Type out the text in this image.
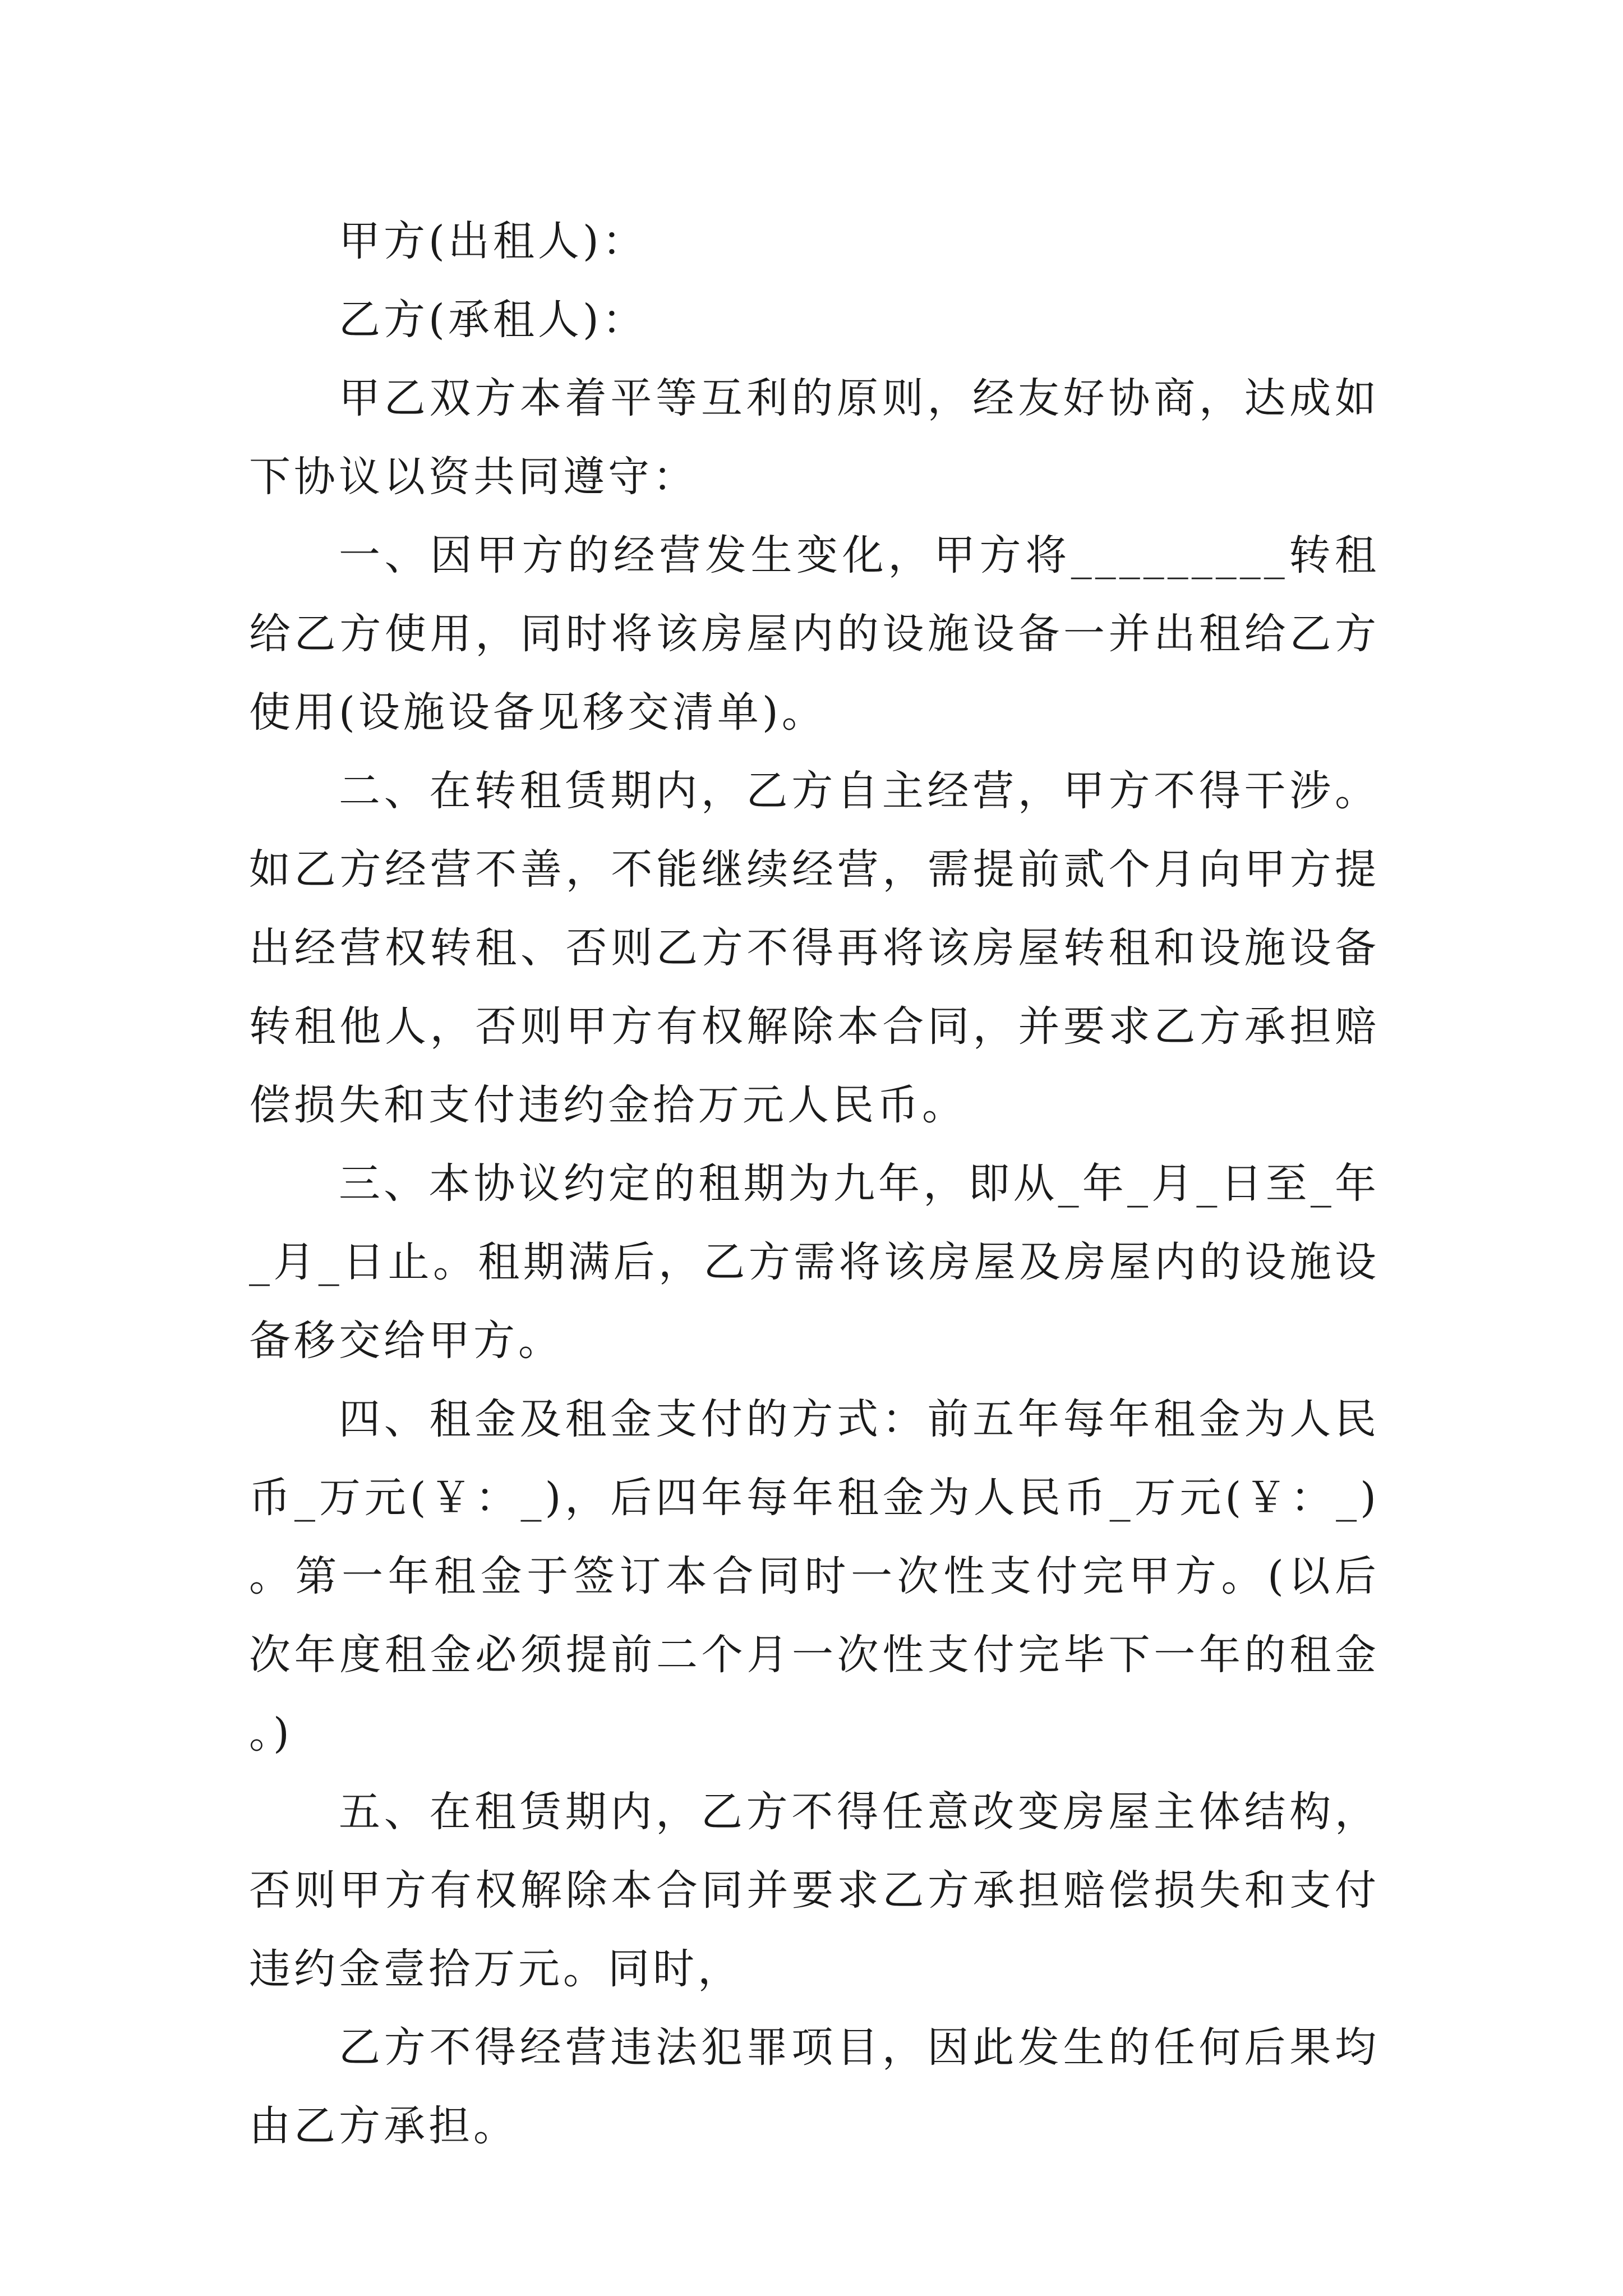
甲方(出租人)：

乙方(承租人)：

甲乙双方本着平等互利的原则，经友好协商，达成如下协议以资共同遵守：

一、因甲方的经营发生变化，甲方将_________转租给乙方使用，同时将该房屋内的设施设备一并出租给乙方使用(设施设备见移交清单)。

二、在转租赁期内，乙方自主经营，甲方不得干涉。如乙方经营不善，不能继续经营，需提前贰个月向甲方提出经营权转租、否则乙方不得再将该房屋转租和设施设备转租他人，否则甲方有权解除本合同，并要求乙方承担赔偿损失和支付违约金拾万元人民币。

三、本协议约定的租期为九年，即从_年_月_日至_年_月_日止。租期满后，乙方需将该房屋及房屋内的设施设备移交给甲方。

四、租金及租金支付的方式：前五年每年租金为人民币_万元(￥：_)，后四年每年租金为人民币_万元(￥：_)。第一年租金于签订本合同时一次性支付完甲方。(以后次年度租金必须提前二个月一次性支付完毕下一年的租金。)

五、在租赁期内，乙方不得任意改变房屋主体结构，否则甲方有权解除本合同并要求乙方承担赔偿损失和支付违约金壹拾万元。同时，

乙方不得经营违法犯罪项目，因此发生的任何后果均由乙方承担。
